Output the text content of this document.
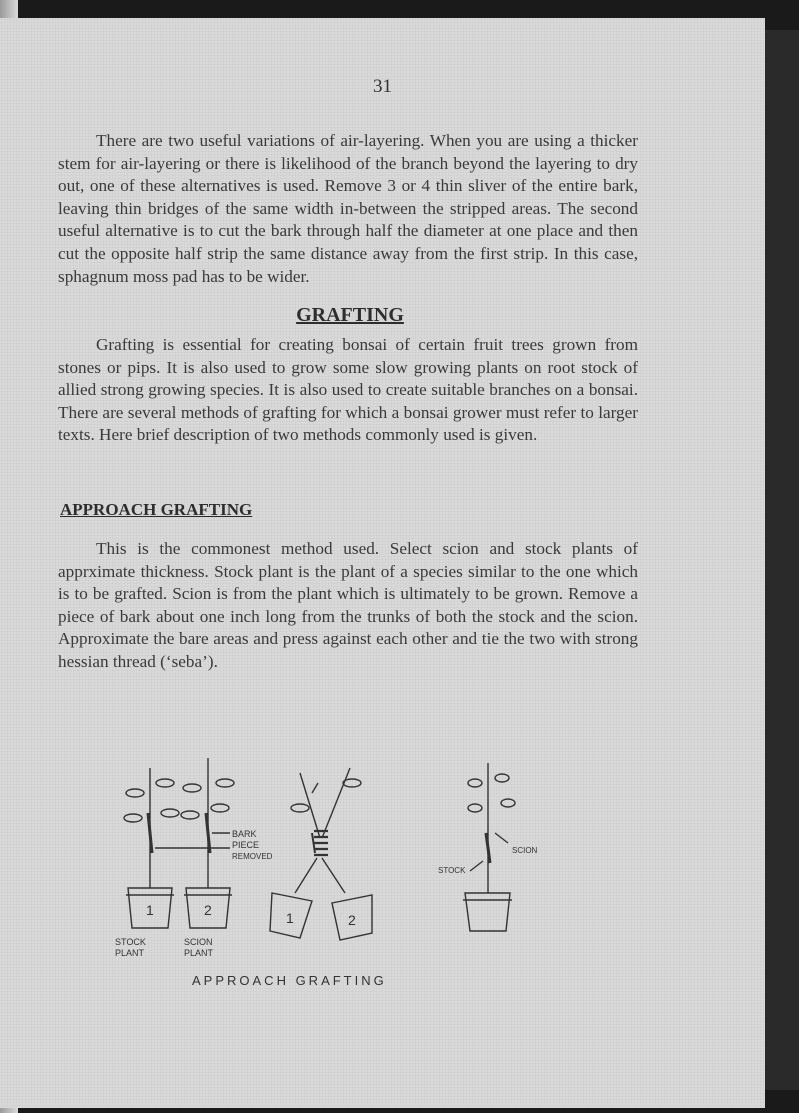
31

There are two useful variations of air-layering. When you are using a thicker stem for air-layering or there is likelihood of the branch beyond the layering to dry out, one of these alternatives is used. Remove 3 or 4 thin sliver of the entire bark, leaving thin bridges of the same width in-between the stripped areas. The second useful alternative is to cut the bark through half the diameter at one place and then cut the opposite half strip the same distance away from the first strip. In this case, sphagnum moss pad has to be wider.

GRAFTING

Grafting is essential for creating bonsai of certain fruit trees grown from stones or pips. It is also used to grow some slow growing plants on root stock of allied strong growing species. It is also used to create suitable branches on a bonsai. There are several methods of grafting for which a bonsai grower must refer to larger texts. Here brief description of two methods commonly used is given.

APPROACH GRAFTING

This is the commonest method used. Select scion and stock plants of apprximate thickness. Stock plant is the plant of a species similar to the one which is to be grafted. Scion is from the plant which is ultimately to be grown. Remove a piece of bark about one inch long from the trunks of both the stock and the scion. Approximate the bare areas and press against each other and tie the two with strong hessian thread (‘seba’).

1	2	1	2
BARK
PIECE
REMOVED
STOCK
PLANT
SCION
PLANT
STOCK
SCION
APPROACH GRAFTING
